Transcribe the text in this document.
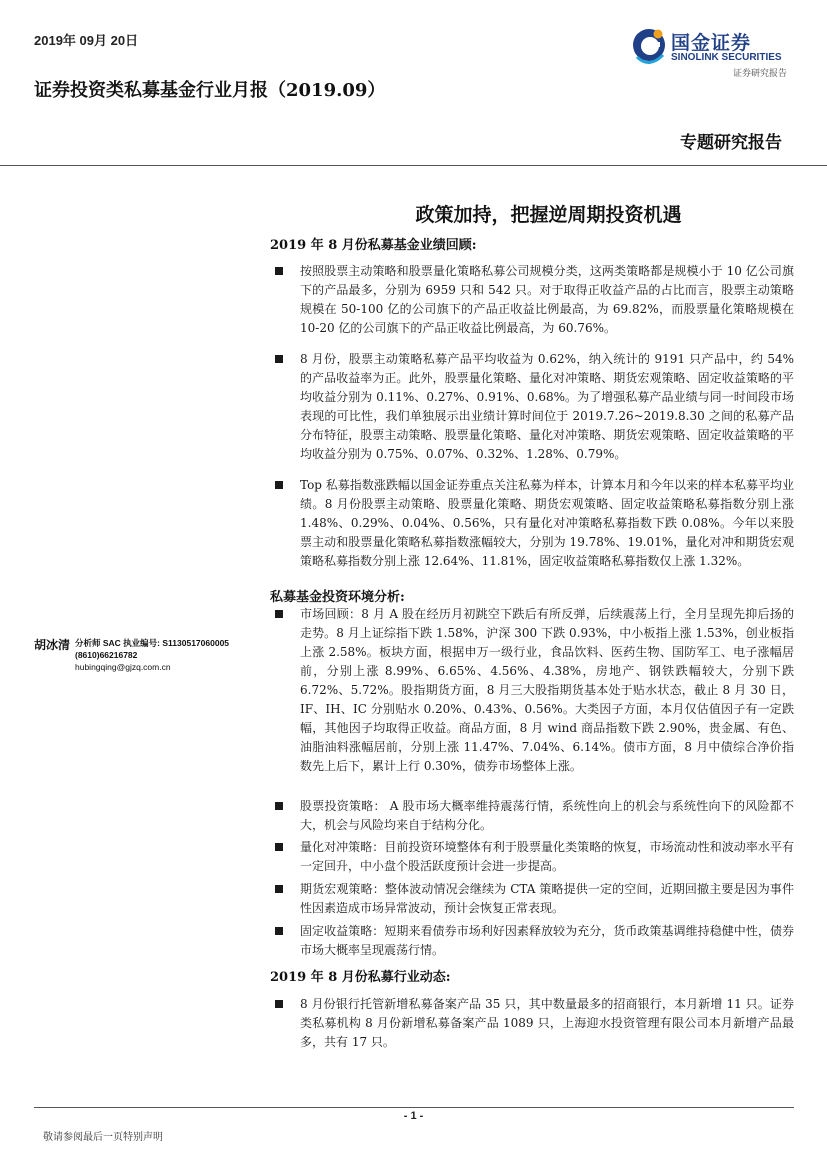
2019年 09月 20日	国金证券
SINOLINK SECURITIES
证券研究报告
证券投资类私募基金行业月报（2019.09）
专题研究报告
政策加持，把握逆周期投资机遇
2019 年 8 月份私募基金业绩回顾:
按照股票主动策略和股票量化策略私募公司规模分类，这两类策略都是规模小于 10 亿公司旗下的产品最多，分别为 6959 只和 542 只。对于取得正收益产品的占比而言，股票主动策略规模在 50-100 亿的公司旗下的产品正收益比例最高，为 69.82%，而股票量化策略规模在 10-20 亿的公司旗下的产品正收益比例最高，为 60.76%。
8 月份，股票主动策略私募产品平均收益为 0.62%，纳入统计的 9191 只产品中，约 54%的产品收益率为正。此外，股票量化策略、量化对冲策略、期货宏观策略、固定收益策略的平均收益分别为 0.11%、0.27%、0.91%、0.68%。为了增强私募产品业绩与同一时间段市场表现的可比性，我们单独展示出业绩计算时间位于 2019.7.26~2019.8.30 之间的私募产品分布特征，股票主动策略、股票量化策略、量化对冲策略、期货宏观策略、固定收益策略的平均收益分别为 0.75%、0.07%、0.32%、1.28%、0.79%。
Top 私募指数涨跌幅以国金证券重点关注私募为样本，计算本月和今年以来的样本私募平均业绩。8 月份股票主动策略、股票量化策略、期货宏观策略、固定收益策略私募指数分别上涨 1.48%、0.29%、0.04%、0.56%，只有量化对冲策略私募指数下跌 0.08%。今年以来股票主动和股票量化策略私募指数涨幅较大，分别为 19.78%、19.01%，量化对冲和期货宏观策略私募指数分别上涨 12.64%、11.81%，固定收益策略私募指数仅上涨 1.32%。
私募基金投资环境分析:
市场回顾：8 月 A 股在经历月初跳空下跌后有所反弹，后续震荡上行，全月呈现先抑后扬的走势。8 月上证综指下跌 1.58%，沪深 300 下跌 0.93%，中小板指上涨 1.53%，创业板指上涨 2.58%。板块方面，根据申万一级行业，食品饮料、医药生物、国防军工、电子涨幅居前，分别上涨 8.99%、6.65%、4.56%、4.38%，房地产、钢铁跌幅较大，分别下跌 6.72%、5.72%。股指期货方面，8 月三大股指期货基本处于贴水状态，截止 8 月 30 日，IF、IH、IC 分别贴水 0.20%、0.43%、0.56%。大类因子方面，本月仅估值因子有一定跌幅，其他因子均取得正收益。商品方面，8 月 wind 商品指数下跌 2.90%，贵金属、有色、油脂油料涨幅居前，分别上涨 11.47%、7.04%、6.14%。债市方面，8 月中债综合净价指数先上后下，累计上行 0.30%，债券市场整体上涨。
股票投资策略： A 股市场大概率维持震荡行情，系统性向上的机会与系统性向下的风险都不大，机会与风险均来自于结构分化。
量化对冲策略：目前投资环境整体有利于股票量化类策略的恢复，市场流动性和波动率水平有一定回升，中小盘个股活跃度预计会进一步提高。
期货宏观策略：整体波动情况会继续为 CTA 策略提供一定的空间，近期回撤主要是因为事件性因素造成市场异常波动，预计会恢复正常表现。
固定收益策略：短期来看债券市场利好因素释放较为充分，货币政策基调维持稳健中性，债券市场大概率呈现震荡行情。
2019 年 8 月份私募行业动态:
8 月份银行托管新增私募备案产品 35 只，其中数量最多的招商银行，本月新增 11 只。证券类私募机构 8 月份新增私募备案产品 1089 只，上海迎水投资管理有限公司本月新增产品最多，共有 17 只。
胡冰清 分析师 SAC 执业编号: S1130517060005
(8610)66216782
hubingqing@gjzq.com.cn
- 1 -
敬请参阅最后一页特别声明
